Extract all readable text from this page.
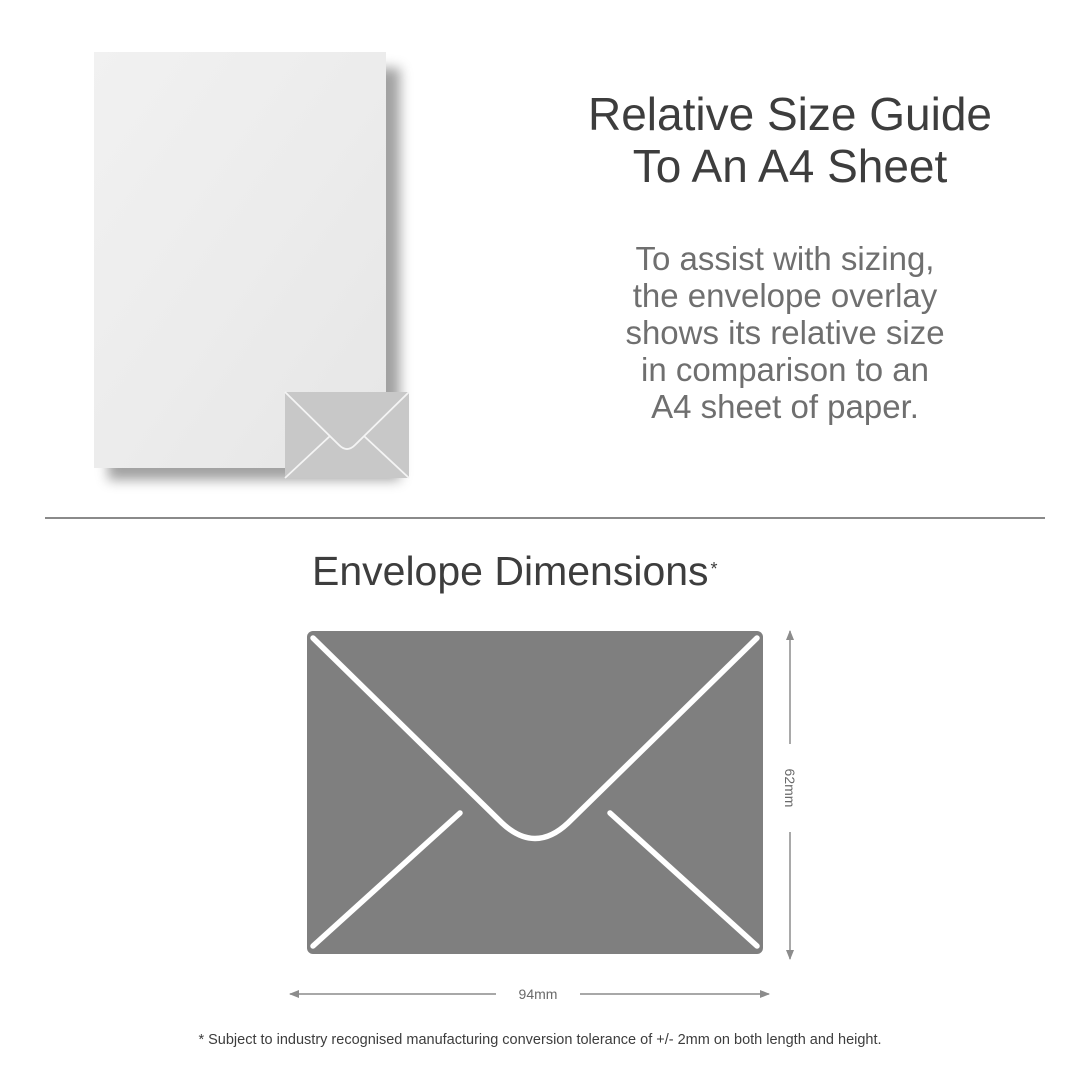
Relative Size Guide
To An A4 Sheet

To assist with sizing,
the envelope overlay
shows its relative size
in comparison to an
A4 sheet of paper.

Envelope Dimensions *
62mm
94mm

* Subject to industry recognised manufacturing conversion tolerance of +/- 2mm on both length and height.
